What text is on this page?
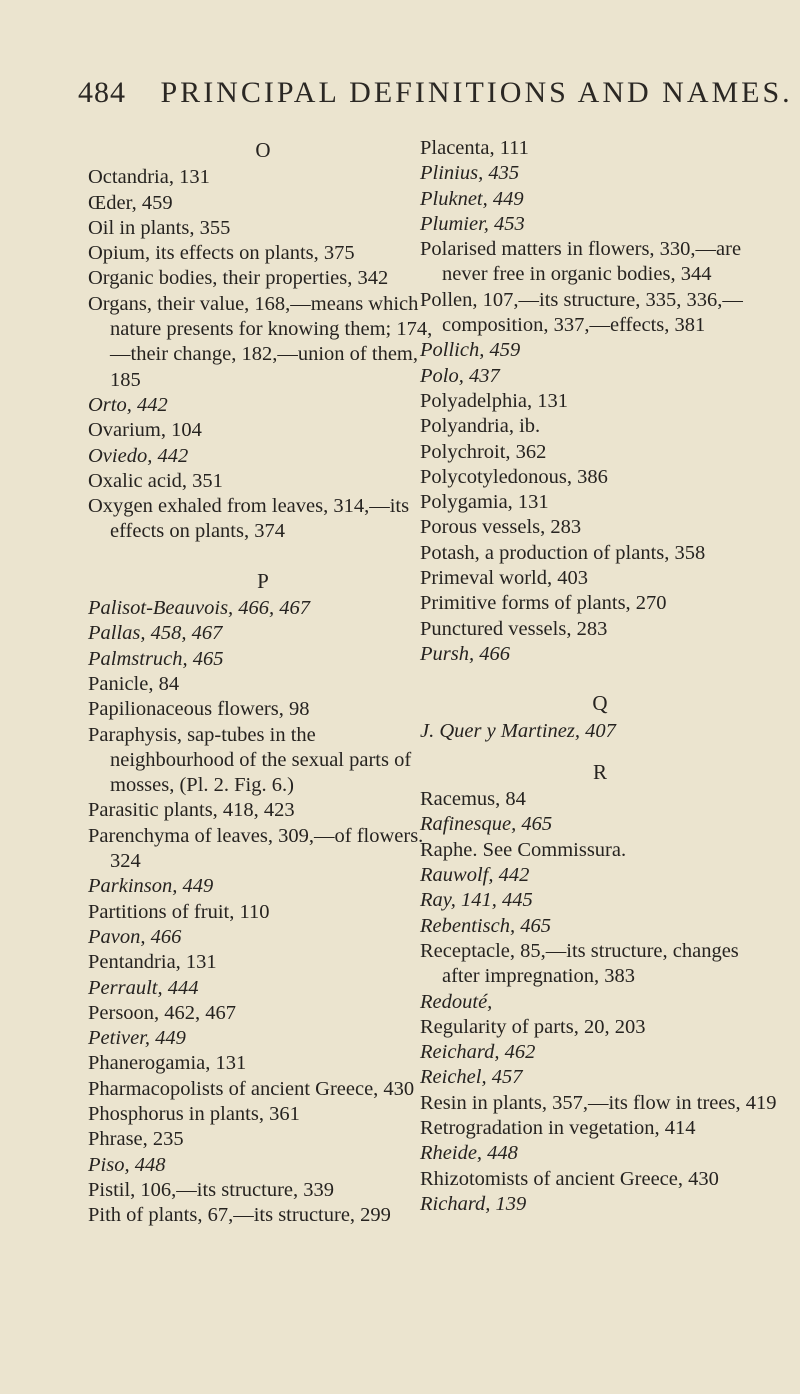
484 PRINCIPAL DEFINITIONS AND NAMES.
O

Octandria, 131

Œder, 459

Oil in plants, 355

Opium, its effects on plants, 375

Organic bodies, their properties, 342

Organs, their value, 168,—means which nature presents for knowing them; 174,—their change, 182,—union of them, 185

Orto, 442

Ovarium, 104

Oviedo, 442

Oxalic acid, 351

Oxygen exhaled from leaves, 314,—its effects on plants, 374

P

Palisot-Beauvois, 466, 467

Pallas, 458, 467

Palmstruch, 465

Panicle, 84

Papilionaceous flowers, 98

Paraphysis, sap-tubes in the neighbourhood of the sexual parts of mosses, (Pl. 2. Fig. 6.)

Parasitic plants, 418, 423

Parenchyma of leaves, 309,—of flowers. 324

Parkinson, 449

Partitions of fruit, 110

Pavon, 466

Pentandria, 131

Perrault, 444

Persoon, 462, 467

Petiver, 449

Phanerogamia, 131

Pharmacopolists of ancient Greece, 430

Phosphorus in plants, 361

Phrase, 235

Piso, 448

Pistil, 106,—its structure, 339

Pith of plants, 67,—its structure, 299

Placenta, 111

Plinius, 435

Pluknet, 449

Plumier, 453

Polarised matters in flowers, 330,—are never free in organic bodies, 344

Pollen, 107,—its structure, 335, 336,—composition, 337,—effects, 381

Pollich, 459

Polo, 437

Polyadelphia, 131

Polyandria, ib.

Polychroit, 362

Polycotyledonous, 386

Polygamia, 131

Porous vessels, 283

Potash, a production of plants, 358

Primeval world, 403

Primitive forms of plants, 270

Punctured vessels, 283

Pursh, 466

Q

J. Quer y Martinez, 407

R

Racemus, 84

Rafinesque, 465

Raphe. See Commissura.

Rauwolf, 442

Ray, 141, 445

Rebentisch, 465

Receptacle, 85,—its structure, changes after impregnation, 383

Redouté,

Regularity of parts, 20, 203

Reichard, 462

Reichel, 457

Resin in plants, 357,—its flow in trees, 419

Retrogradation in vegetation, 414

Rheide, 448

Rhizotomists of ancient Greece, 430

Richard, 139
